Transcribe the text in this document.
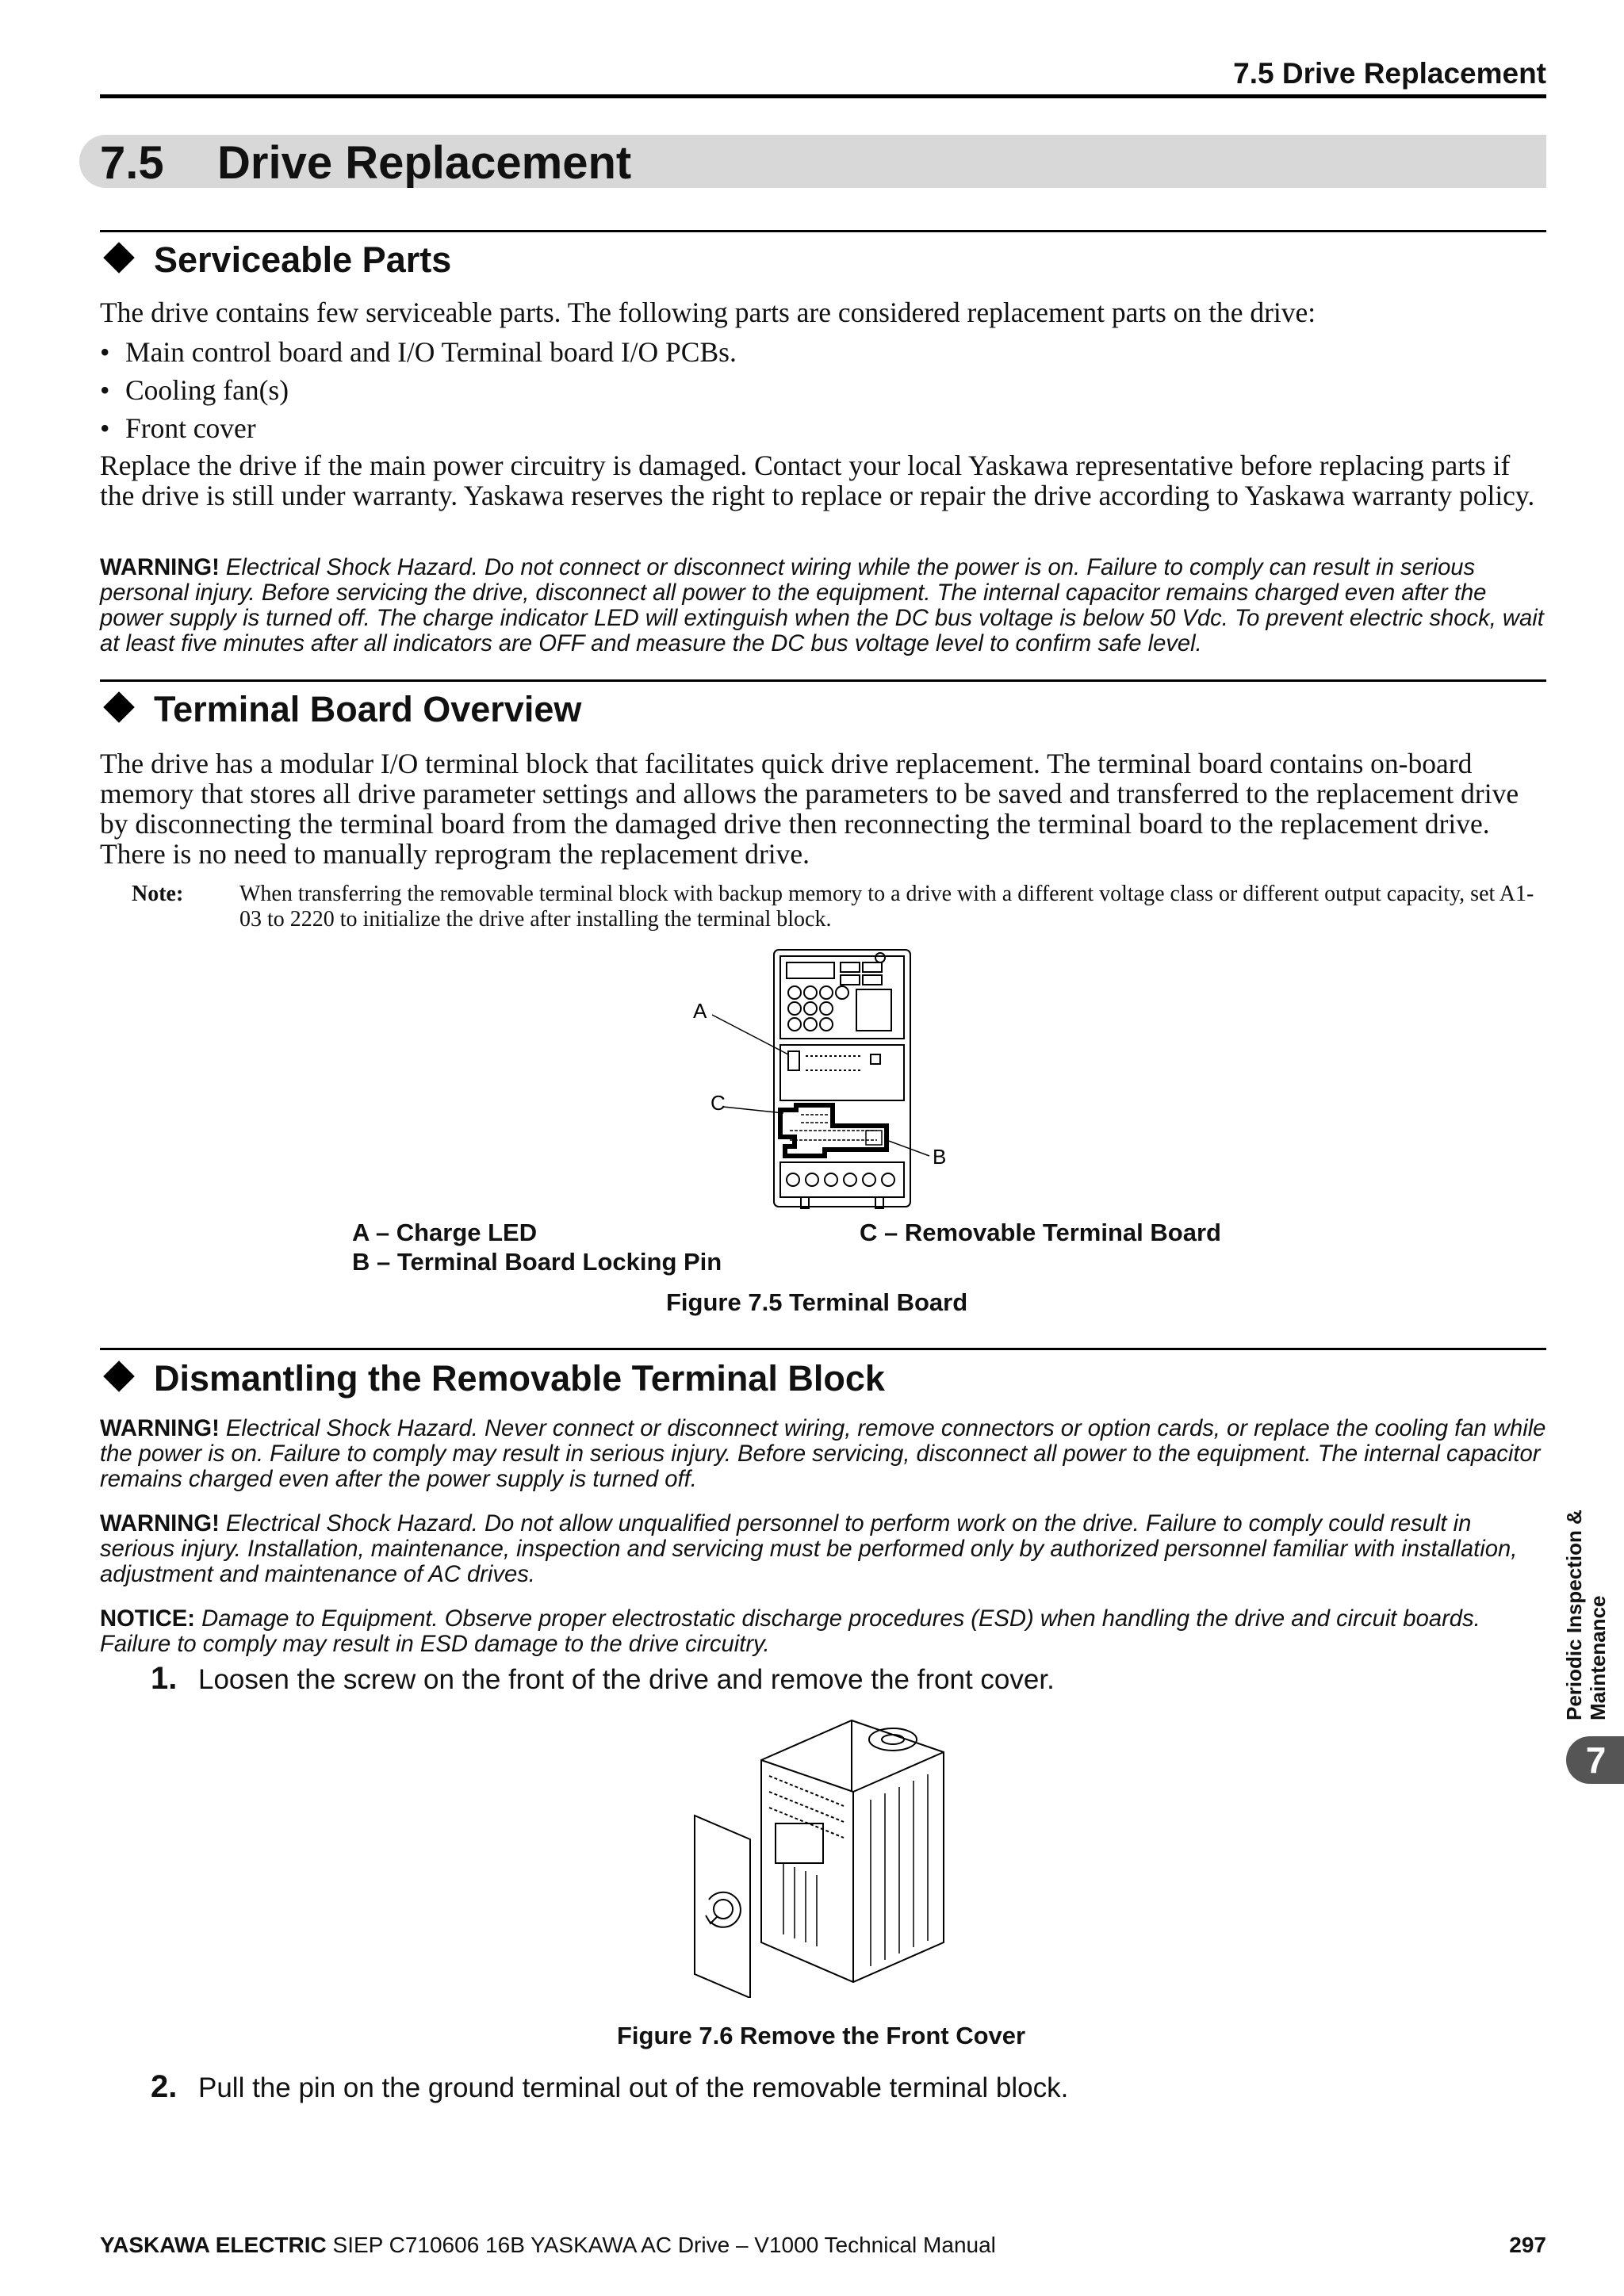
7.5 Drive Replacement
7.5 Drive Replacement
Serviceable Parts
The drive contains few serviceable parts. The following parts are considered replacement parts on the drive:
• Main control board and I/O Terminal board I/O PCBs.
• Cooling fan(s)
• Front cover
Replace the drive if the main power circuitry is damaged. Contact your local Yaskawa representative before replacing parts if the drive is still under warranty. Yaskawa reserves the right to replace or repair the drive according to Yaskawa warranty policy.
WARNING! Electrical Shock Hazard. Do not connect or disconnect wiring while the power is on. Failure to comply can result in serious personal injury. Before servicing the drive, disconnect all power to the equipment. The internal capacitor remains charged even after the power supply is turned off. The charge indicator LED will extinguish when the DC bus voltage is below 50 Vdc. To prevent electric shock, wait at least five minutes after all indicators are OFF and measure the DC bus voltage level to confirm safe level.
Terminal Board Overview
The drive has a modular I/O terminal block that facilitates quick drive replacement. The terminal board contains on-board memory that stores all drive parameter settings and allows the parameters to be saved and transferred to the replacement drive by disconnecting the terminal board from the damaged drive then reconnecting the terminal board to the replacement drive. There is no need to manually reprogram the replacement drive.
Note:	When transferring the removable terminal block with backup memory to a drive with a different voltage class or different output capacity, set A1-03 to 2220 to initialize the drive after installing the terminal block.
A
C
B
A – Charge LED	C – Removable Terminal Board
B – Terminal Board Locking Pin
Figure 7.5 Terminal Board
Dismantling the Removable Terminal Block
WARNING! Electrical Shock Hazard. Never connect or disconnect wiring, remove connectors or option cards, or replace the cooling fan while the power is on. Failure to comply may result in serious injury. Before servicing, disconnect all power to the equipment. The internal capacitor remains charged even after the power supply is turned off.
WARNING! Electrical Shock Hazard. Do not allow unqualified personnel to perform work on the drive. Failure to comply could result in serious injury. Installation, maintenance, inspection and servicing must be performed only by authorized personnel familiar with installation, adjustment and maintenance of AC drives.
NOTICE: Damage to Equipment. Observe proper electrostatic discharge procedures (ESD) when handling the drive and circuit boards. Failure to comply may result in ESD damage to the drive circuitry.
1. Loosen the screw on the front of the drive and remove the front cover.
Figure 7.6 Remove the Front Cover
2. Pull the pin on the ground terminal out of the removable terminal block.
Periodic Inspection & Maintenance
7
YASKAWA ELECTRIC SIEP C710606 16B YASKAWA AC Drive – V1000 Technical Manual	297
